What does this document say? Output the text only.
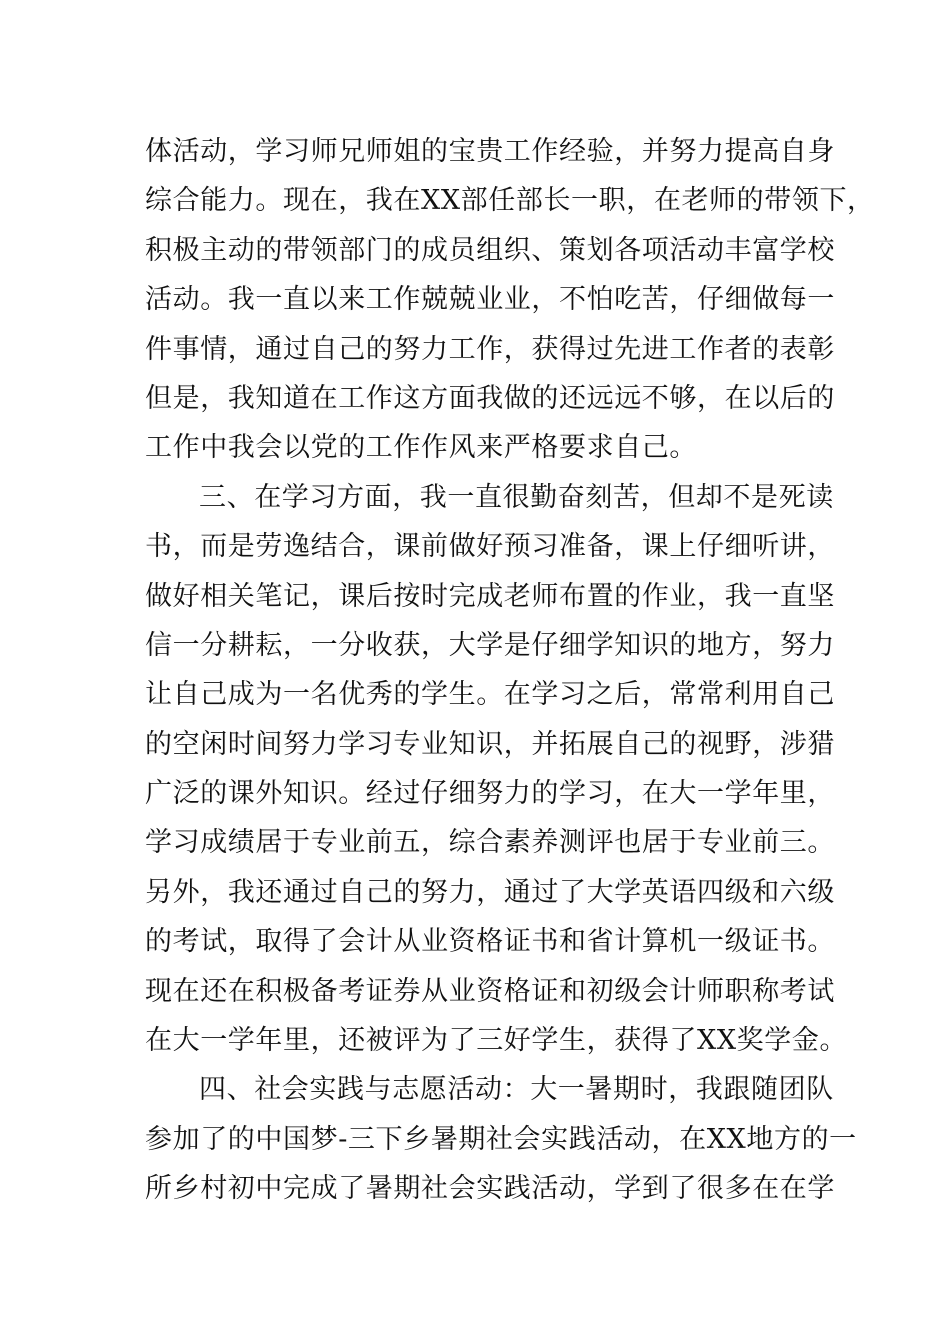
体活动，学习师兄师姐的宝贵工作经验，并努力提高自身
综合能力。现在，我在XX部任部长一职，在老师的带领下，
积极主动的带领部门的成员组织、策划各项活动丰富学校
活动。我一直以来工作兢兢业业，不怕吃苦，仔细做每一
件事情，通过自己的努力工作，获得过先进工作者的表彰
但是，我知道在工作这方面我做的还远远不够，在以后的
工作中我会以党的工作作风来严格要求自己。
三、在学习方面，我一直很勤奋刻苦，但却不是死读
书，而是劳逸结合，课前做好预习准备，课上仔细听讲，
做好相关笔记，课后按时完成老师布置的作业，我一直坚
信一分耕耘，一分收获，大学是仔细学知识的地方，努力
让自己成为一名优秀的学生。在学习之后，常常利用自己
的空闲时间努力学习专业知识，并拓展自己的视野，涉猎
广泛的课外知识。经过仔细努力的学习，在大一学年里，
学习成绩居于专业前五，综合素养测评也居于专业前三。
另外，我还通过自己的努力，通过了大学英语四级和六级
的考试，取得了会计从业资格证书和省计算机一级证书。
现在还在积极备考证券从业资格证和初级会计师职称考试
在大一学年里，还被评为了三好学生，获得了XX奖学金。
四、社会实践与志愿活动：大一暑期时，我跟随团队
参加了的中国梦-三下乡暑期社会实践活动，在XX地方的一
所乡村初中完成了暑期社会实践活动，学到了很多在在学
